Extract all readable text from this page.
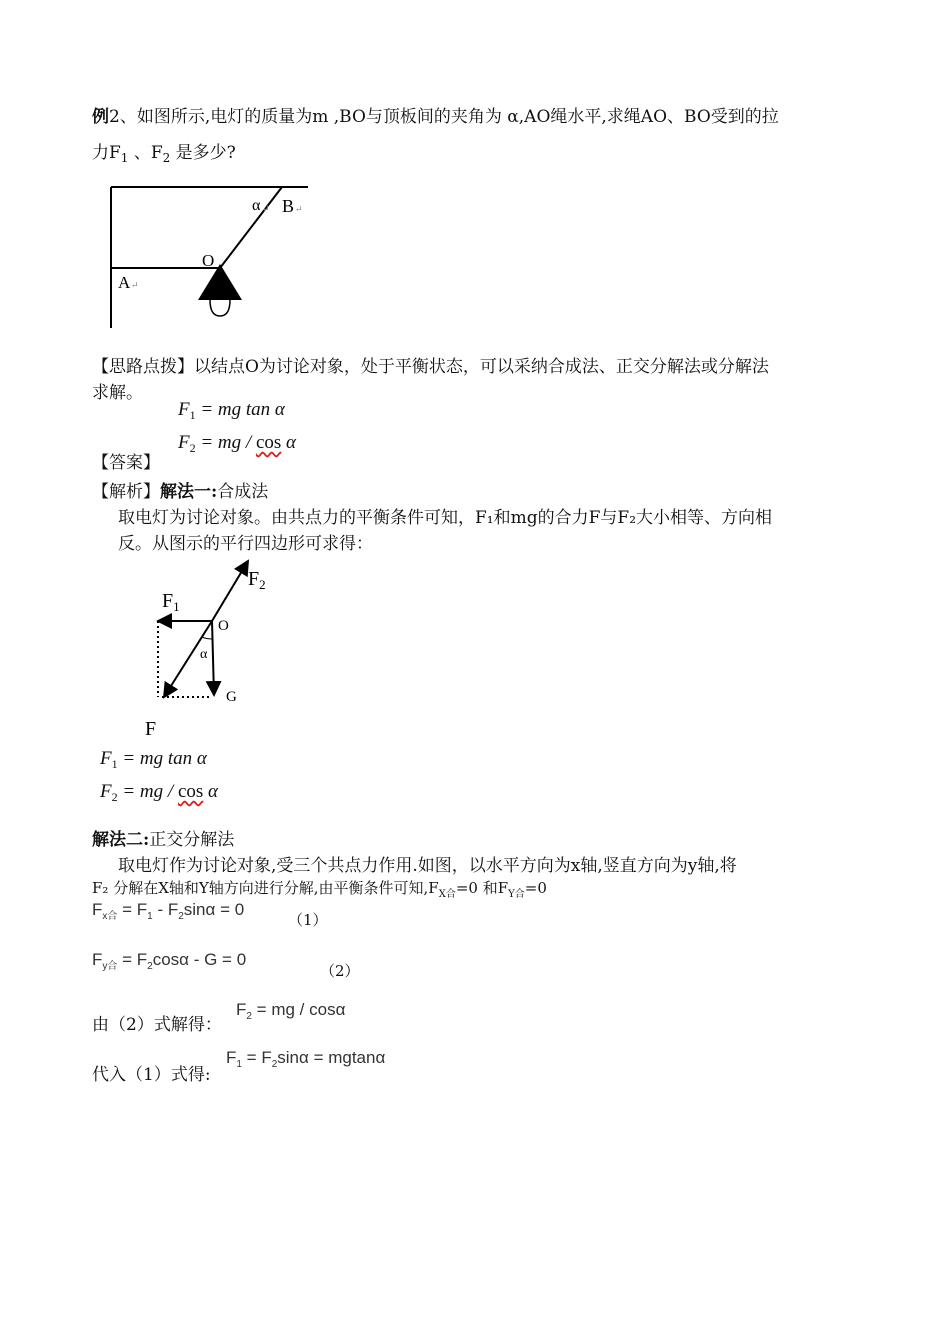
例2、如图所示,电灯的质量为m ,BO与顶板间的夹角为 α,AO绳水平,求绳AO、BO受到的拉
力$F_1$ 、$F_2$ 是多少?
α ↵ B ↵
O
A ↵
【思路点拨】以结点O为讨论对象，处于平衡状态，可以采纳合成法、正交分解法或分解法
求解。
$F_1$ = mg tan α
$F_2$ = mg / cos α
【答案】
【解析】解法一:合成法
取电灯为讨论对象。由共点力的平衡条件可知，F₁和mg的合力F与F₂大小相等、方向相
反。从图示的平行四边形可求得：
$F_2$
$F_1$
O
α
G
F
$F_1$ = mg tan α
$F_2$ = mg / cos α
解法二:正交分解法
取电灯作为讨论对象,受三个共点力作用.如图，以水平方向为x轴,竖直方向为y轴,将
F₂ 分解在X轴和Y轴方向进行分解,由平衡条件可知$,F_{X合}=0$ 和$F_{Y合}=0$
$F_{x合} = F_1 - F_2\sin\alpha = 0$
（1）
$F_{y合} = F_2\cos\alpha - G = 0$
（2）
由（2）式解得：
$F_2$ = mg / cosα
代入（1）式得:
$F_1 = F_2\sin\alpha = mgtan\alpha$
